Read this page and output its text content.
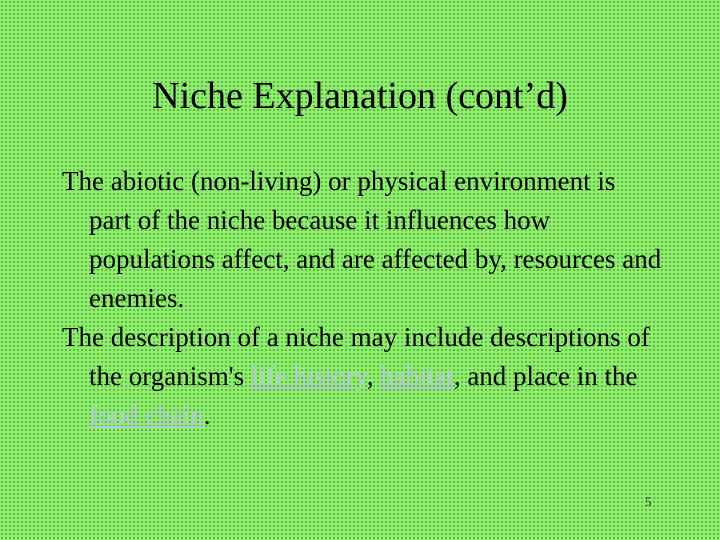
Niche Explanation (cont’d)

The abiotic (non-living) or physical environment is part of the niche because it influences how populations affect, and are affected by, resources and enemies.

The description of a niche may include descriptions of the organism's life history, habitat, and place in the food chain.

5
